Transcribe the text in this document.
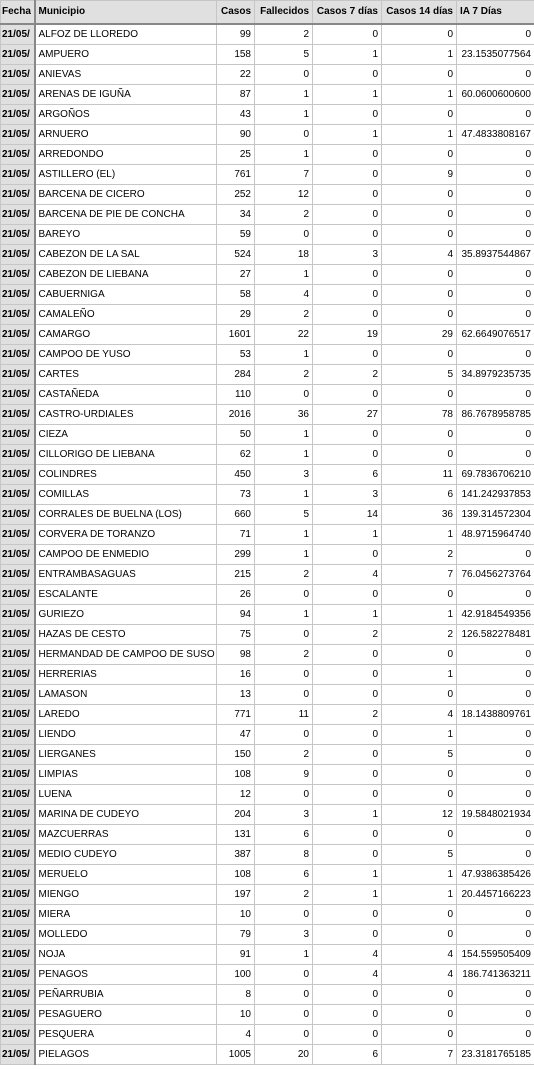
Fecha	Municipio	Casos	Fallecidos	Casos 7 días	Casos 14 días	IA 7 Días
21/05/	ALFOZ DE LLOREDO	99	2	0	0	0
21/05/	AMPUERO	158	5	1	1	23.1535077564
21/05/	ANIEVAS	22	0	0	0	0
21/05/	ARENAS DE IGUÑA	87	1	1	1	60.0600600600
21/05/	ARGOÑOS	43	1	0	0	0
21/05/	ARNUERO	90	0	1	1	47.4833808167
21/05/	ARREDONDO	25	1	0	0	0
21/05/	ASTILLERO (EL)	761	7	0	9	0
21/05/	BARCENA DE CICERO	252	12	0	0	0
21/05/	BARCENA DE PIE DE CONCHA	34	2	0	0	0
21/05/	BAREYO	59	0	0	0	0
21/05/	CABEZON DE LA SAL	524	18	3	4	35.8937544867
21/05/	CABEZON DE LIEBANA	27	1	0	0	0
21/05/	CABUERNIGA	58	4	0	0	0
21/05/	CAMALEÑO	29	2	0	0	0
21/05/	CAMARGO	1601	22	19	29	62.6649076517
21/05/	CAMPOO DE YUSO	53	1	0	0	0
21/05/	CARTES	284	2	2	5	34.8979235735
21/05/	CASTAÑEDA	110	0	0	0	0
21/05/	CASTRO-URDIALES	2016	36	27	78	86.7678958785
21/05/	CIEZA	50	1	0	0	0
21/05/	CILLORIGO DE LIEBANA	62	1	0	0	0
21/05/	COLINDRES	450	3	6	11	69.7836706210
21/05/	COMILLAS	73	1	3	6	141.242937853
21/05/	CORRALES DE BUELNA (LOS)	660	5	14	36	139.314572304
21/05/	CORVERA DE TORANZO	71	1	1	1	48.9715964740
21/05/	CAMPOO DE ENMEDIO	299	1	0	2	0
21/05/	ENTRAMBASAGUAS	215	2	4	7	76.0456273764
21/05/	ESCALANTE	26	0	0	0	0
21/05/	GURIEZO	94	1	1	1	42.9184549356
21/05/	HAZAS DE CESTO	75	0	2	2	126.582278481
21/05/	HERMANDAD DE CAMPOO DE SUSO	98	2	0	0	0
21/05/	HERRERIAS	16	0	0	1	0
21/05/	LAMASON	13	0	0	0	0
21/05/	LAREDO	771	11	2	4	18.1438809761
21/05/	LIENDO	47	0	0	1	0
21/05/	LIERGANES	150	2	0	5	0
21/05/	LIMPIAS	108	9	0	0	0
21/05/	LUENA	12	0	0	0	0
21/05/	MARINA DE CUDEYO	204	3	1	12	19.5848021934
21/05/	MAZCUERRAS	131	6	0	0	0
21/05/	MEDIO CUDEYO	387	8	0	5	0
21/05/	MERUELO	108	6	1	1	47.9386385426
21/05/	MIENGO	197	2	1	1	20.4457166223
21/05/	MIERA	10	0	0	0	0
21/05/	MOLLEDO	79	3	0	0	0
21/05/	NOJA	91	1	4	4	154.559505409
21/05/	PENAGOS	100	0	4	4	186.741363211
21/05/	PEÑARRUBIA	8	0	0	0	0
21/05/	PESAGUERO	10	0	0	0	0
21/05/	PESQUERA	4	0	0	0	0
21/05/	PIELAGOS	1005	20	6	7	23.3181765185
